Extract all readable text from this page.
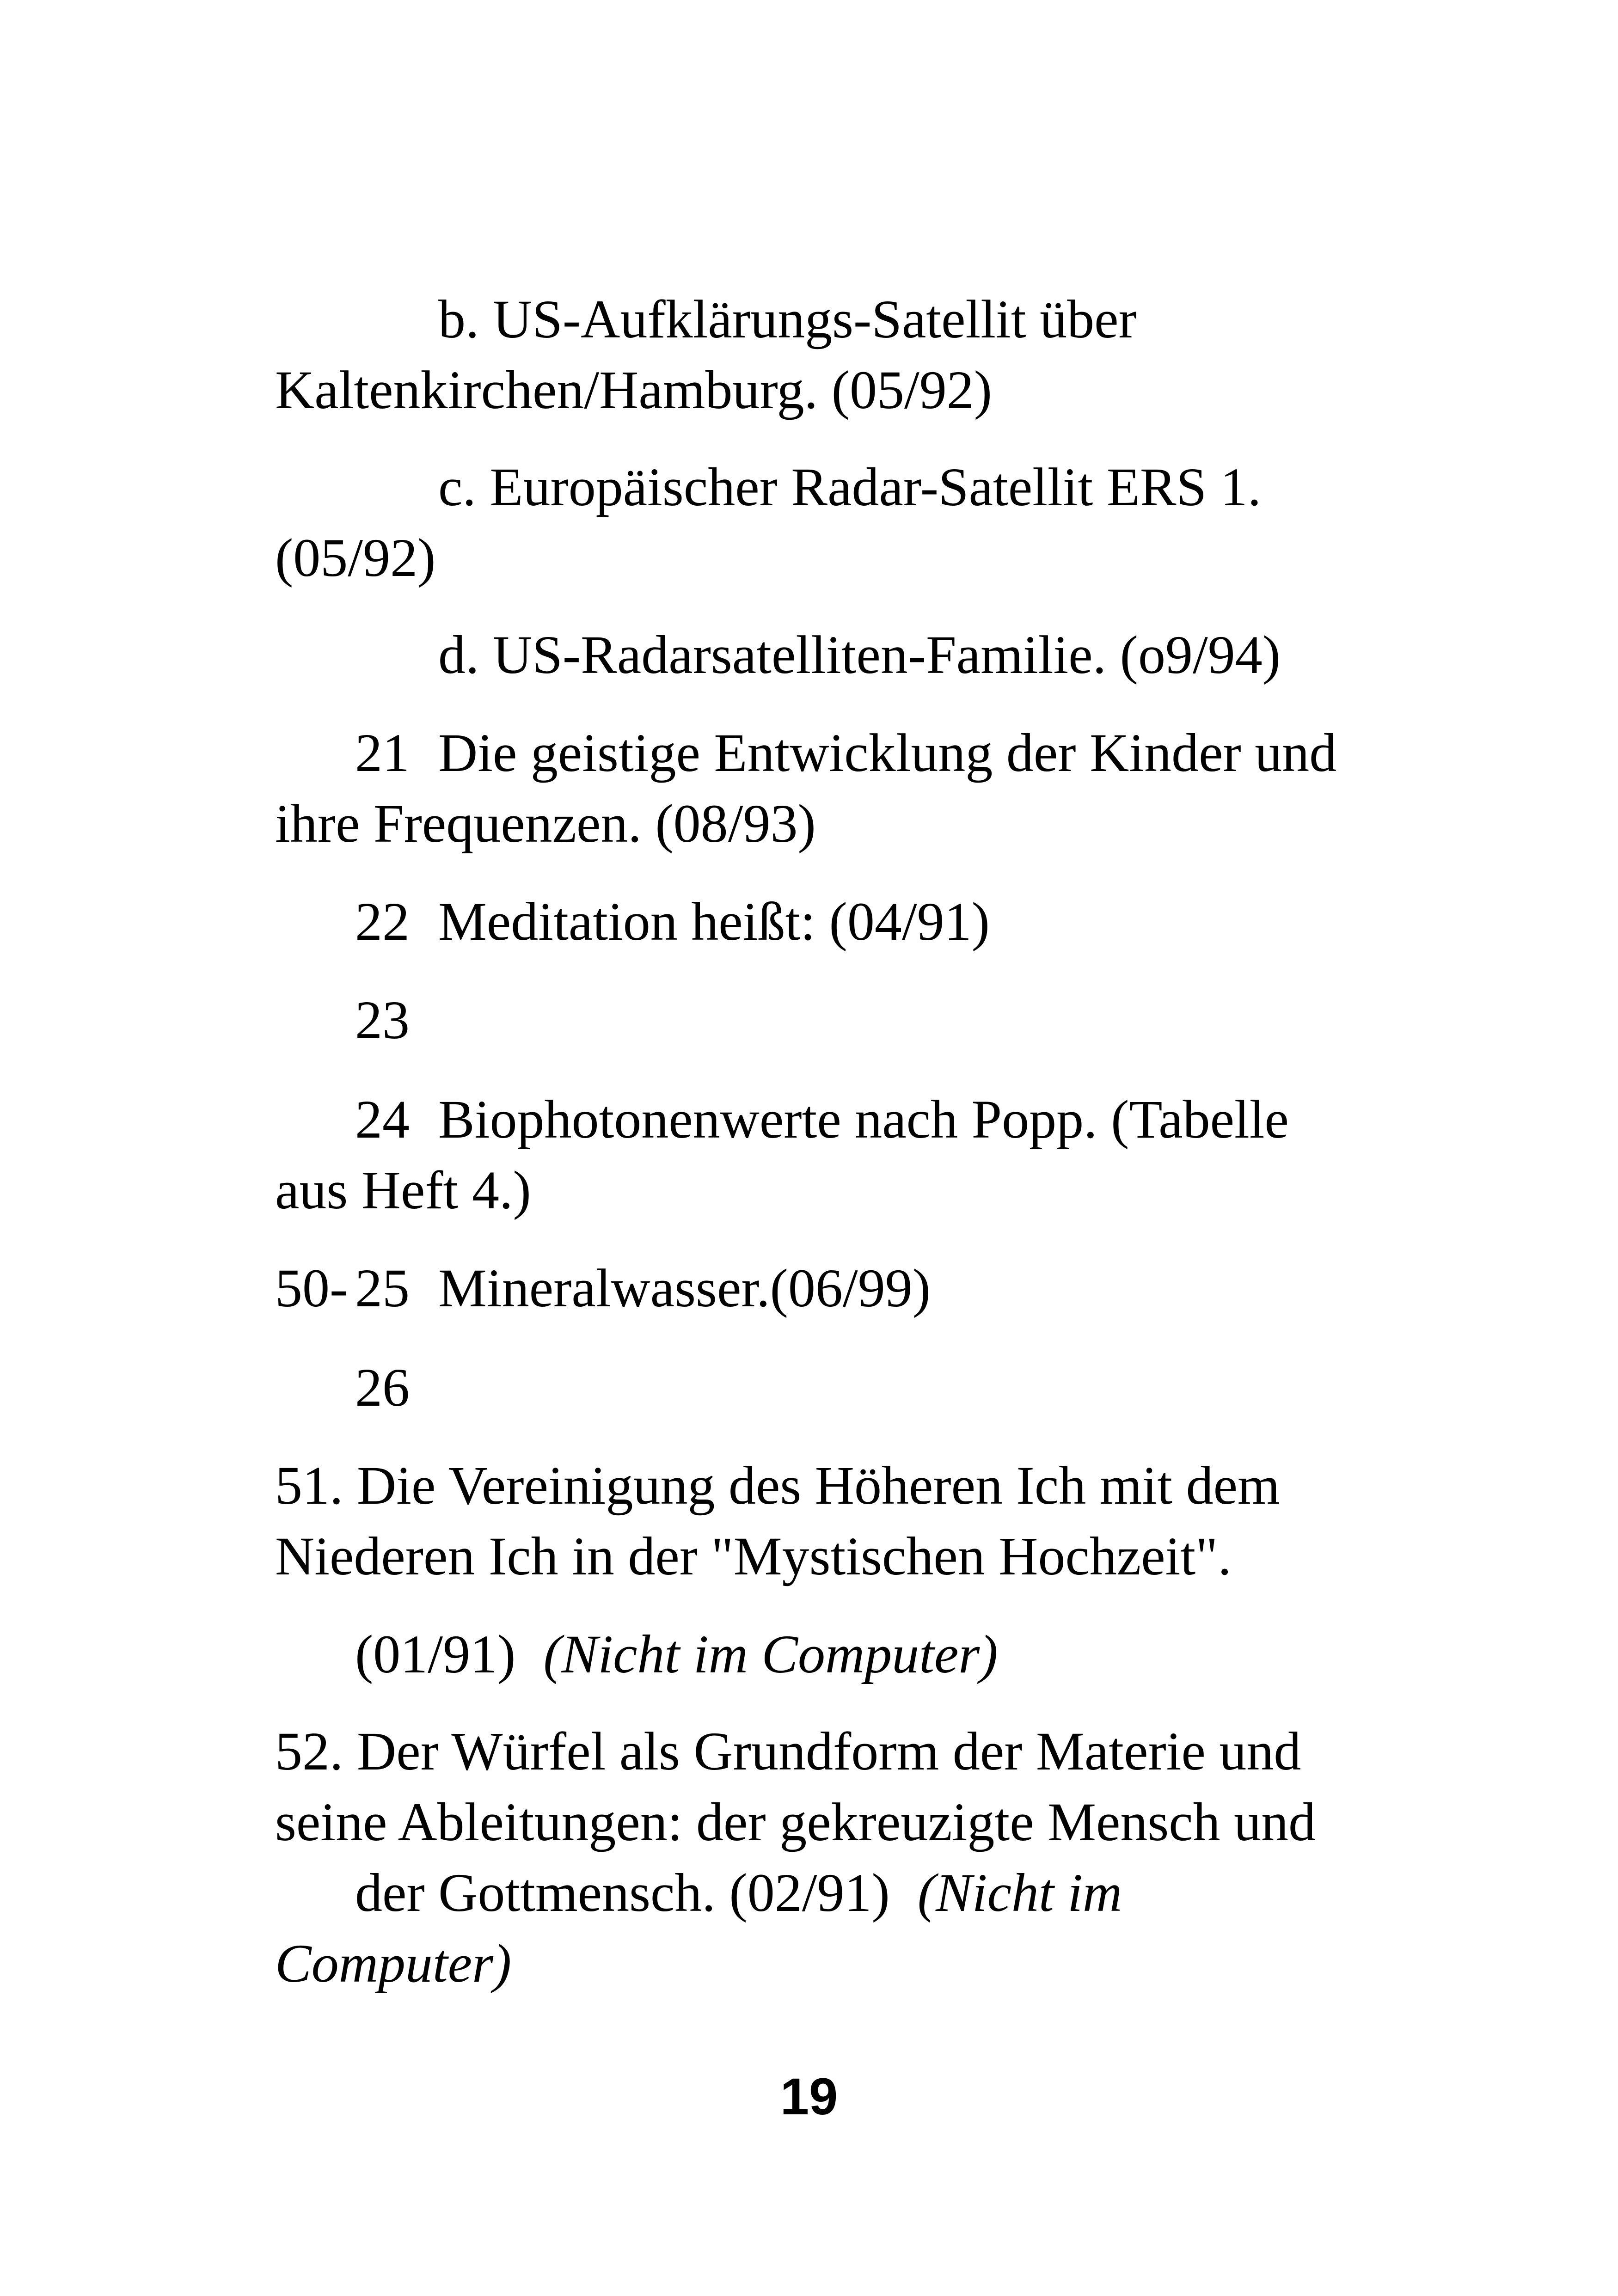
b. US-Aufklärungs-Satellit über

Kaltenkirchen/Hamburg. (05/92)

c. Europäischer Radar-Satellit ERS 1.

(05/92)

d. US-Radarsatelliten-Familie. (o9/94)

21 Die geistige Entwicklung der Kinder und

ihre Frequenzen. (08/93)

22 Meditation heißt: (04/91)

23

24 Biophotonenwerte nach Popp. (Tabelle

aus Heft 4.)

50- 25 Mineralwasser.(06/99)

26

51. Die Vereinigung des Höheren Ich mit dem

Niederen Ich in der "Mystischen Hochzeit".

(01/91) (Nicht im Computer)

52. Der Würfel als Grundform der Materie und

seine Ableitungen: der gekreuzigte Mensch und

der Gottmensch. (02/91) (Nicht im

Computer)

19
